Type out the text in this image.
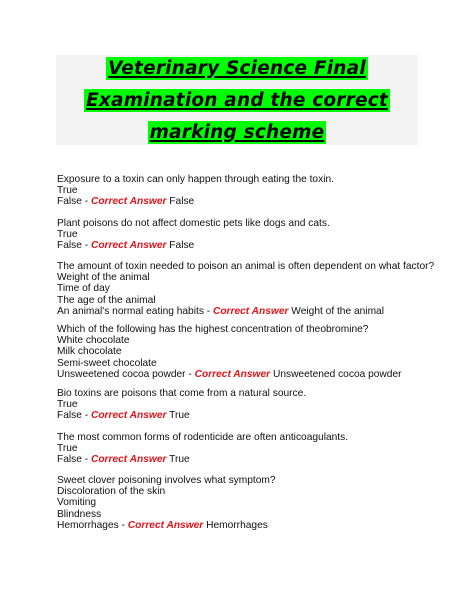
Veterinary Science Final
Examination and the correct
marking scheme
Exposure to a toxin can only happen through eating the toxin.
True
False - Correct Answer False
Plant poisons do not affect domestic pets like dogs and cats.
True
False - Correct Answer False
The amount of toxin needed to poison an animal is often dependent on what factor?
Weight of the animal
Time of day
The age of the animal
An animal's normal eating habits - Correct Answer Weight of the animal
Which of the following has the highest concentration of theobromine?
White chocolate
Milk chocolate
Semi-sweet chocolate
Unsweetened cocoa powder - Correct Answer Unsweetened cocoa powder
Bio toxins are poisons that come from a natural source.
True
False - Correct Answer True
The most common forms of rodenticide are often anticoagulants.
True
False - Correct Answer True
Sweet clover poisoning involves what symptom?
Discoloration of the skin
Vomiting
Blindness
Hemorrhages - Correct Answer Hemorrhages
